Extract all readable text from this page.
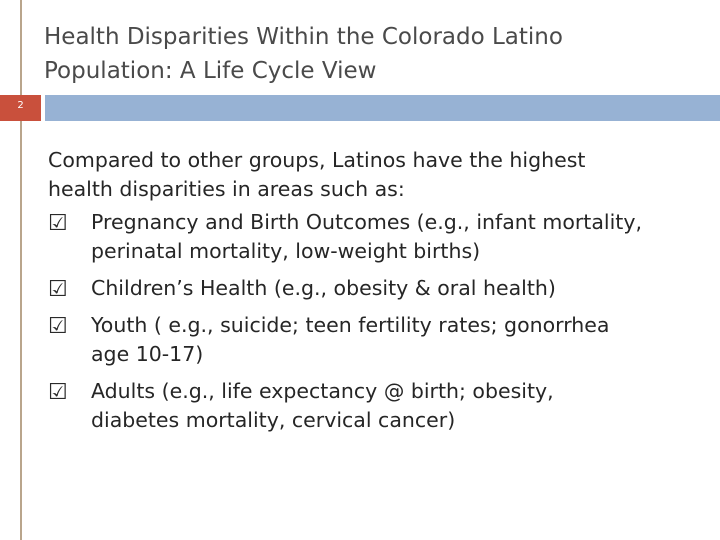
Health Disparities Within the Colorado Latino
Population: A Life Cycle View
2
Compared to other groups, Latinos have the highest
health disparities in areas such as:
☑	Pregnancy and Birth Outcomes (e.g., infant mortality,
perinatal mortality, low-weight births)
☑	Children’s Health (e.g., obesity & oral health)
☑	Youth ( e.g., suicide; teen fertility rates; gonorrhea
age 10-17)
☑	Adults (e.g., life expectancy @ birth; obesity,
diabetes mortality, cervical cancer)
